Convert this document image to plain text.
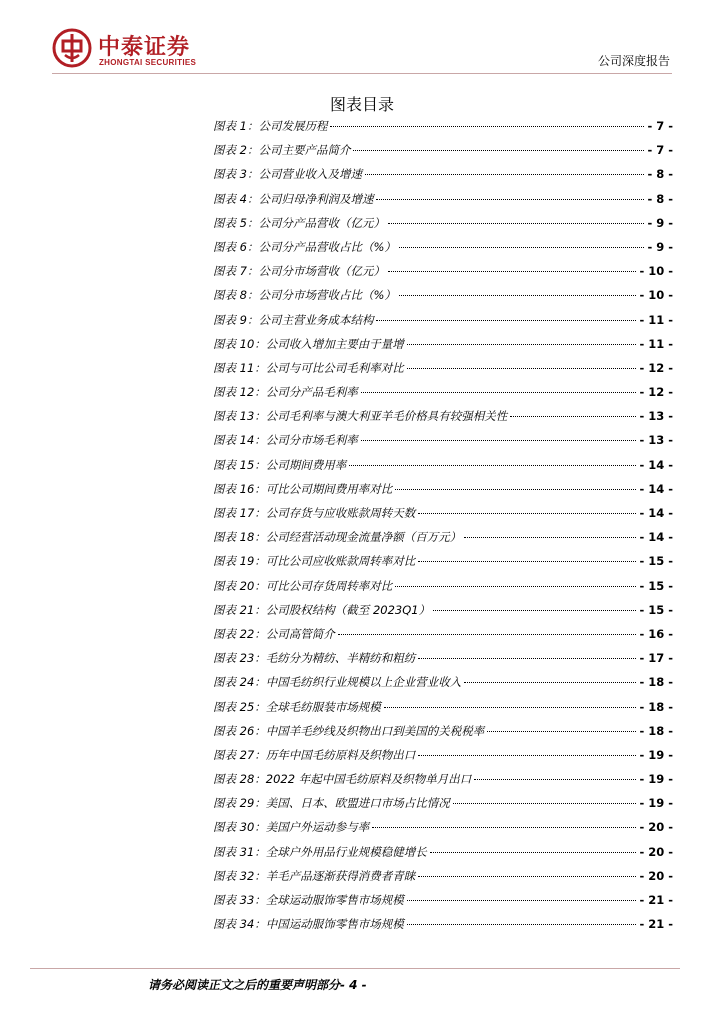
中泰证券
ZHONGTAI SECURITIES	公司深度报告
图表目录
图表 1：公司发展历程	- 7 -
图表 2：公司主要产品简介	- 7 -
图表 3：公司营业收入及增速	- 8 -
图表 4：公司归母净利润及增速	- 8 -
图表 5：公司分产品营收（亿元）	- 9 -
图表 6：公司分产品营收占比（%）	- 9 -
图表 7：公司分市场营收（亿元）	- 10 -
图表 8：公司分市场营收占比（%）	- 10 -
图表 9：公司主营业务成本结构	- 11 -
图表 10：公司收入增加主要由于量增	- 11 -
图表 11：公司与可比公司毛利率对比	- 12 -
图表 12：公司分产品毛利率	- 12 -
图表 13：公司毛利率与澳大利亚羊毛价格具有较强相关性	- 13 -
图表 14：公司分市场毛利率	- 13 -
图表 15：公司期间费用率	- 14 -
图表 16：可比公司期间费用率对比	- 14 -
图表 17：公司存货与应收账款周转天数	- 14 -
图表 18：公司经营活动现金流量净额（百万元）	- 14 -
图表 19：可比公司应收账款周转率对比	- 15 -
图表 20：可比公司存货周转率对比	- 15 -
图表 21：公司股权结构（截至 2023Q1）	- 15 -
图表 22：公司高管简介	- 16 -
图表 23：毛纺分为精纺、半精纺和粗纺	- 17 -
图表 24：中国毛纺织行业规模以上企业营业收入	- 18 -
图表 25：全球毛纺服装市场规模	- 18 -
图表 26：中国羊毛纱线及织物出口到美国的关税税率	- 18 -
图表 27：历年中国毛纺原料及织物出口	- 19 -
图表 28：2022 年起中国毛纺原料及织物单月出口	- 19 -
图表 29：美国、日本、欧盟进口市场占比情况	- 19 -
图表 30：美国户外运动参与率	- 20 -
图表 31：全球户外用品行业规模稳健增长	- 20 -
图表 32：羊毛产品逐渐获得消费者青睐	- 20 -
图表 33：全球运动服饰零售市场规模	- 21 -
图表 34：中国运动服饰零售市场规模	- 21 -
请务必阅读正文之后的重要声明部分- 4 -
